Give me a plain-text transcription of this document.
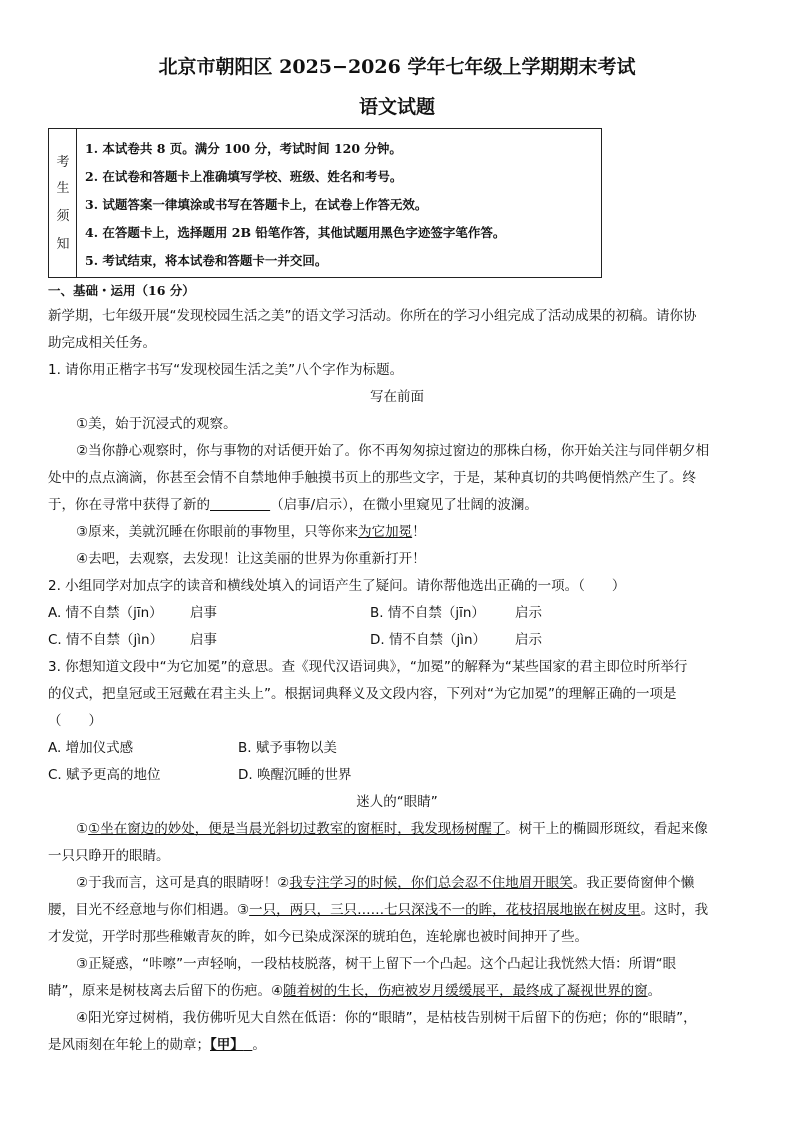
北京市朝阳区 2025−2026 学年七年级上学期期末考试
语文试题
考
生
须
知
1. 本试卷共 8 页。满分 100 分，考试时间 120 分钟。
2. 在试卷和答题卡上准确填写学校、班级、姓名和考号。
3. 试题答案一律填涂或书写在答题卡上，在试卷上作答无效。
4. 在答题卡上，选择题用 2B 铅笔作答，其他试题用黑色字迹签字笔作答。
5. 考试结束，将本试卷和答题卡一并交回。
一、基础・运用（16 分）
新学期，七年级开展“发现校园生活之美”的语文学习活动。你所在的学习小组完成了活动成果的初稿。请你协
助完成相关任务。
1. 请你用正楷字书写“发现校园生活之美”八个字作为标题。
写在前面
①美，始于沉浸式的观察。
②当你静心观察时，你与事物的对话便开始了。你不再匆匆掠过窗边的那株白杨，你开始关注与同伴朝夕相
处中的点点滴滴，你甚至会情不自禁地伸手触摸书页上的那些文字，于是，某种真切的共鸣便悄然产生了。终
于，你在寻常中获得了新的       	（启事/启示），在微小里窥见了壮阔的波澜。
③原来，美就沉睡在你眼前的事物里，只等你来为它加冕！
④去吧，去观察，去发现！让这美丽的世界为你重新打开！
2. 小组同学对加点字的读音和横线处填入的词语产生了疑问。请你帮他选出正确的一项。（　　）
A. 情不自禁（jīn） 启事	B. 情不自禁（jīn） 启示
C. 情不自禁（jìn） 启事	D. 情不自禁（jìn） 启示
3. 你想知道文段中“为它加冕”的意思。查《现代汉语词典》，“加冕”的解释为“某些国家的君主即位时所举行
的仪式，把皇冠或王冠戴在君主头上”。根据词典释义及文段内容，下列对“为它加冕”的理解正确的一项是
（　　）
A. 增加仪式感	B. 赋予事物以美
C. 赋予更高的地位	D. 唤醒沉睡的世界
迷人的“眼睛”
①①坐在窗边的妙处，便是当晨光斜切过教室的窗框时，我发现杨树醒了。树干上的椭圆形斑纹，看起来像
一只只睁开的眼睛。
②于我而言，这可是真的眼睛呀！②我专注学习的时候，你们总会忍不住地眉开眼笑。我正要倚窗伸个懒
腰，目光不经意地与你们相遇。③一只，两只，三只……七只深浅不一的眸，花枝招展地嵌在树皮里。这时，我
才发觉，开学时那些稚嫩青灰的眸，如今已染成深深的琥珀色，连轮廓也被时间抻开了些。
③正疑惑，“咔嚓”一声轻响，一段枯枝脱落，树干上留下一个凸起。这个凸起让我恍然大悟：所谓“眼
睛”，原来是树枝离去后留下的伤疤。④随着树的生长，伤疤被岁月缓缓展平，最终成了凝视世界的窗。
④阳光穿过树梢，我仿佛听见大自然在低语：你的“眼睛”，是枯枝告别树干后留下的伤疤；你的“眼睛”，
是风雨刻在年轮上的勋章；【甲】  。
